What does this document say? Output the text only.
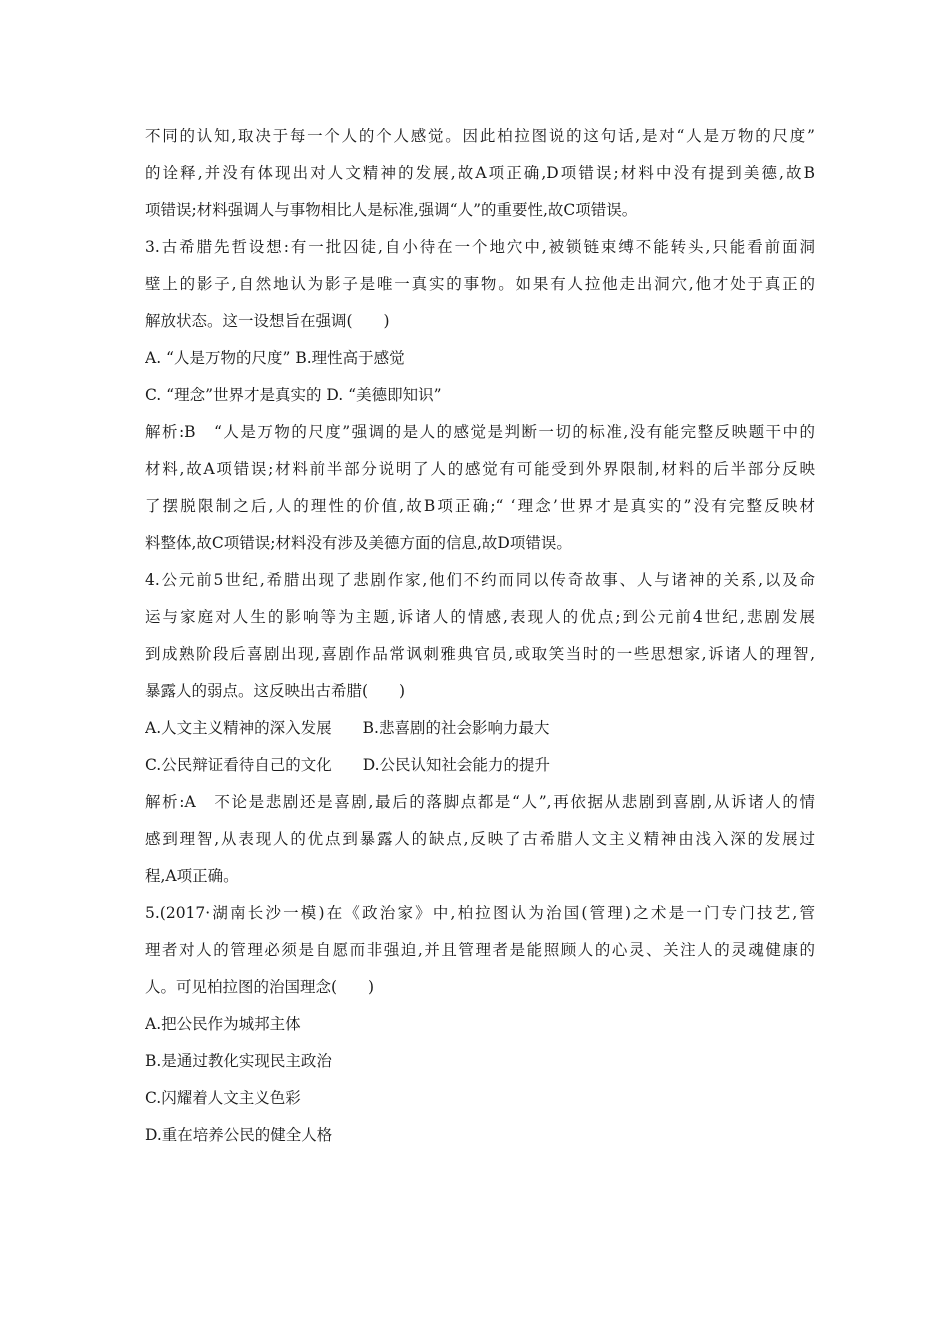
不同的认知,取决于每一个人的个人感觉。因此柏拉图说的这句话,是对“人是万物的尺度”
的诠释,并没有体现出对人文精神的发展,故A项正确,D项错误;材料中没有提到美德,故B
项错误;材料强调人与事物相比人是标准,强调“人”的重要性,故C项错误。
3.古希腊先哲设想:有一批囚徒,自小待在一个地穴中,被锁链束缚不能转头,只能看前面洞
壁上的影子,自然地认为影子是唯一真实的事物。如果有人拉他走出洞穴,他才处于真正的
解放状态。这一设想旨在强调(　　)
A. “人是万物的尺度” B.理性高于感觉
C. “理念”世界才是真实的 D. “美德即知识”
解析:B　“人是万物的尺度”强调的是人的感觉是判断一切的标准,没有能完整反映题干中的
材料,故A项错误;材料前半部分说明了人的感觉有可能受到外界限制,材料的后半部分反映
了摆脱限制之后,人的理性的价值,故B项正确;“ ‘理念’世界才是真实的”没有完整反映材
料整体,故C项错误;材料没有涉及美德方面的信息,故D项错误。
4.公元前5世纪,希腊出现了悲剧作家,他们不约而同以传奇故事、人与诸神的关系,以及命
运与家庭对人生的影响等为主题,诉诸人的情感,表现人的优点;到公元前4世纪,悲剧发展
到成熟阶段后喜剧出现,喜剧作品常讽刺雅典官员,或取笑当时的一些思想家,诉诸人的理智,
暴露人的弱点。这反映出古希腊(　　)
A.人文主义精神的深入发展　　B.悲喜剧的社会影响力最大
C.公民辩证看待自己的文化　　D.公民认知社会能力的提升
解析:A　不论是悲剧还是喜剧,最后的落脚点都是“人”,再依据从悲剧到喜剧,从诉诸人的情
感到理智,从表现人的优点到暴露人的缺点,反映了古希腊人文主义精神由浅入深的发展过
程,A项正确。
5.(2017·湖南长沙一模)在《政治家》中,柏拉图认为治国(管理)之术是一门专门技艺,管
理者对人的管理必须是自愿而非强迫,并且管理者是能照顾人的心灵、关注人的灵魂健康的
人。可见柏拉图的治国理念(　　)
A.把公民作为城邦主体
B.是通过教化实现民主政治
C.闪耀着人文主义色彩
D.重在培养公民的健全人格
